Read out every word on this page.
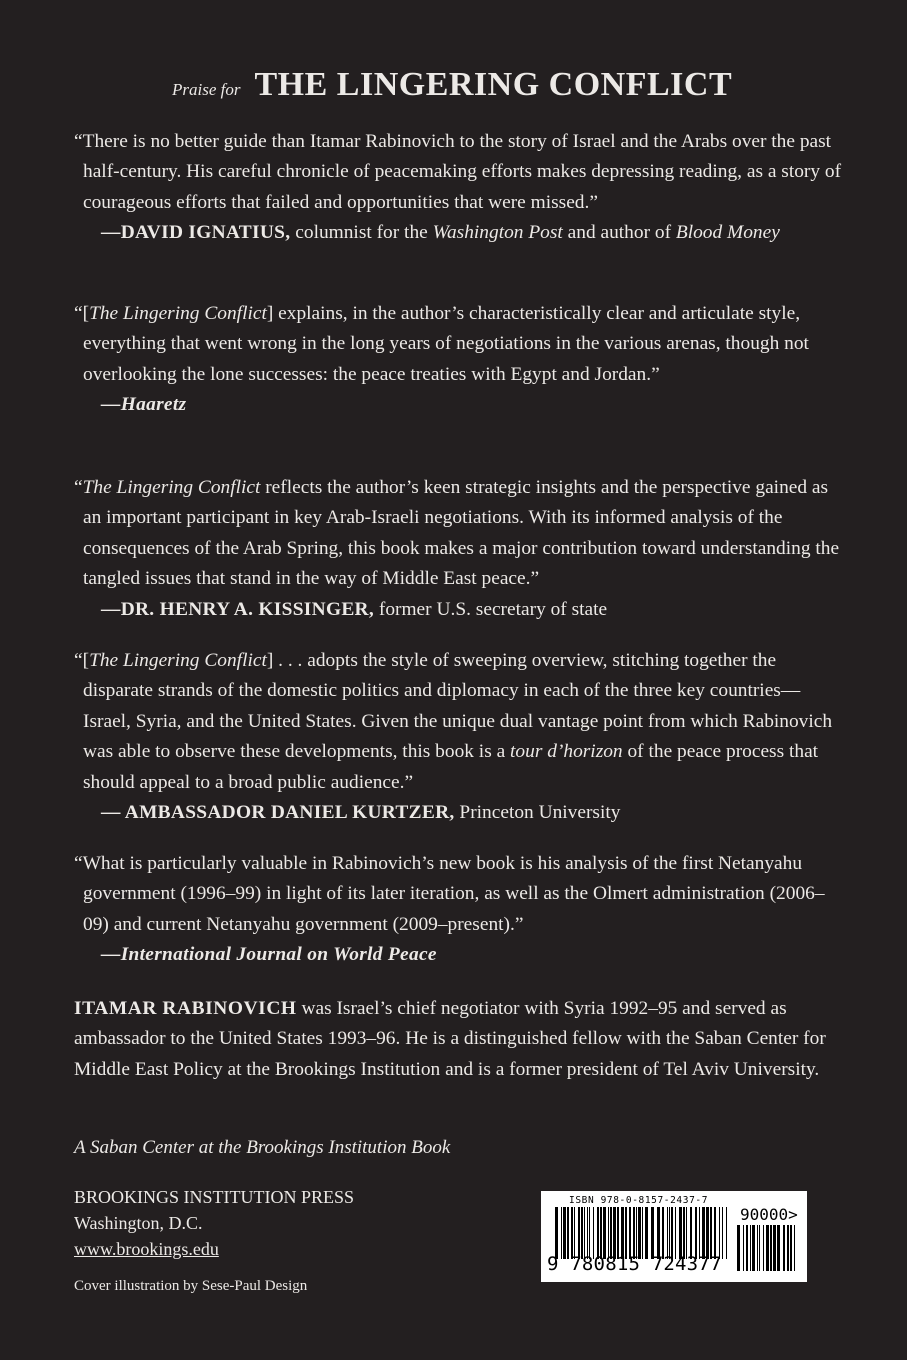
Praise for THE LINGERING CONFLICT
“There is no better guide than Itamar Rabinovich to the story of Israel and the Arabs over the past half-century. His careful chronicle of peacemaking efforts makes depressing reading, as a story of courageous efforts that failed and opportunities that were missed.”
—DAVID IGNATIUS, columnist for the Washington Post and author of Blood Money
“[The Lingering Conflict] explains, in the author’s characteristically clear and articulate style, everything that went wrong in the long years of negotiations in the various arenas, though not overlooking the lone successes: the peace treaties with Egypt and Jordan.”
—Haaretz
“The Lingering Conflict reflects the author’s keen strategic insights and the perspective gained as an important participant in key Arab-Israeli negotiations. With its informed analysis of the consequences of the Arab Spring, this book makes a major contribution toward understanding the tangled issues that stand in the way of Middle East peace.”
—DR. HENRY A. KISSINGER, former U.S. secretary of state
“[The Lingering Conflict] . . . adopts the style of sweeping overview, stitching together the disparate strands of the domestic politics and diplomacy in each of the three key countries—Israel, Syria, and the United States. Given the unique dual vantage point from which Rabinovich was able to observe these developments, this book is a tour d’horizon of the peace process that should appeal to a broad public audience.”
— AMBASSADOR DANIEL KURTZER, Princeton University
“What is particularly valuable in Rabinovich’s new book is his analysis of the first Netanyahu government (1996–99) in light of its later iteration, as well as the Olmert administration (2006–09) and current Netanyahu government (2009–present).”
—International Journal on World Peace
ITAMAR RABINOVICH was Israel’s chief negotiator with Syria 1992–95 and served as ambassador to the United States 1993–96. He is a distinguished fellow with the Saban Center for Middle East Policy at the Brookings Institution and is a former president of Tel Aviv University.
A Saban Center at the Brookings Institution Book
BROOKINGS INSTITUTION PRESS
Washington, D.C.
www.brookings.edu
Cover illustration by Sese-Paul Design
ISBN 978-0-8157-2437-7
90000>
9 780815 724377
